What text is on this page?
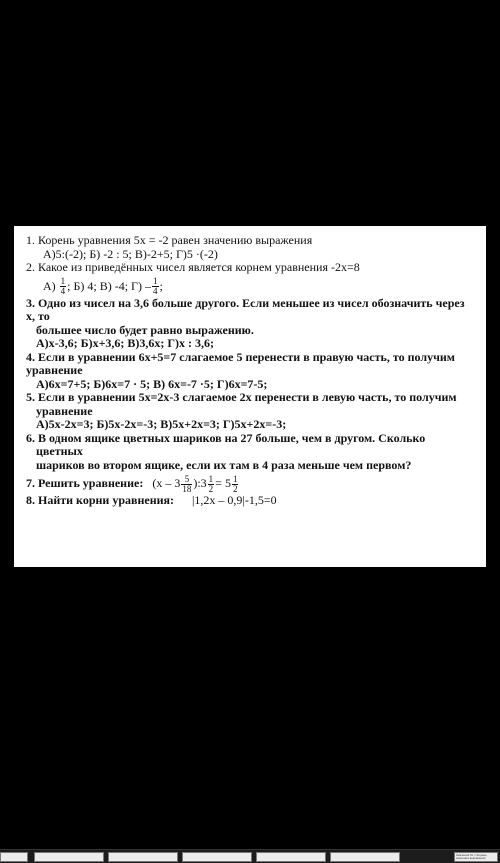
1. Корень уравнения 5х = -2 равен значению выражения
А)5:(-2); Б) -2 : 5; В)-2+5; Г)5 ·(-2)
2. Какое из приведённых чисел является корнем уравнения -2х=8
$А) \frac{1}{4}$ ; Б) 4; В) -4; $Г) - \frac{1}{4}$ ;
3. Одно из чисел на 3,6 больше другого. Если меньшее из чисел обозначить через
х, то
большее число будет равно выражению.
А)х-3,6; Б)х+3,6; В)3,6х; Г)х : 3,6;
4. Если в уравнении 6х+5=7 слагаемое 5 перенести в правую часть, то получим
уравнение
А)6х=7+5; Б)6х=7 · 5; В) 6х=-7 ·5; Г)6х=7-5;
5. Если в уравнении 5х=2х-3 слагаемое 2х перенести в левую часть, то получим
уравнение
А)5х-2х=3; Б)5х-2х=-3; В)5х+2х=3; Г)5х+2х=-3;
6. В одном ящике цветных шариков на 27 больше, чем в другом. Сколько
цветных
шариков во втором ящике, если их там в 4 раза меньше чем первом?
7. Решить уравнение: ($х - 3 \frac{5}{18}$ ):3 $\frac{1}{2} = 5 \frac{1}{2}$
8. Найти корни уравнения: |1,2х – 0,9|-1,5=0
Значения 5х = Корень значения выражения
